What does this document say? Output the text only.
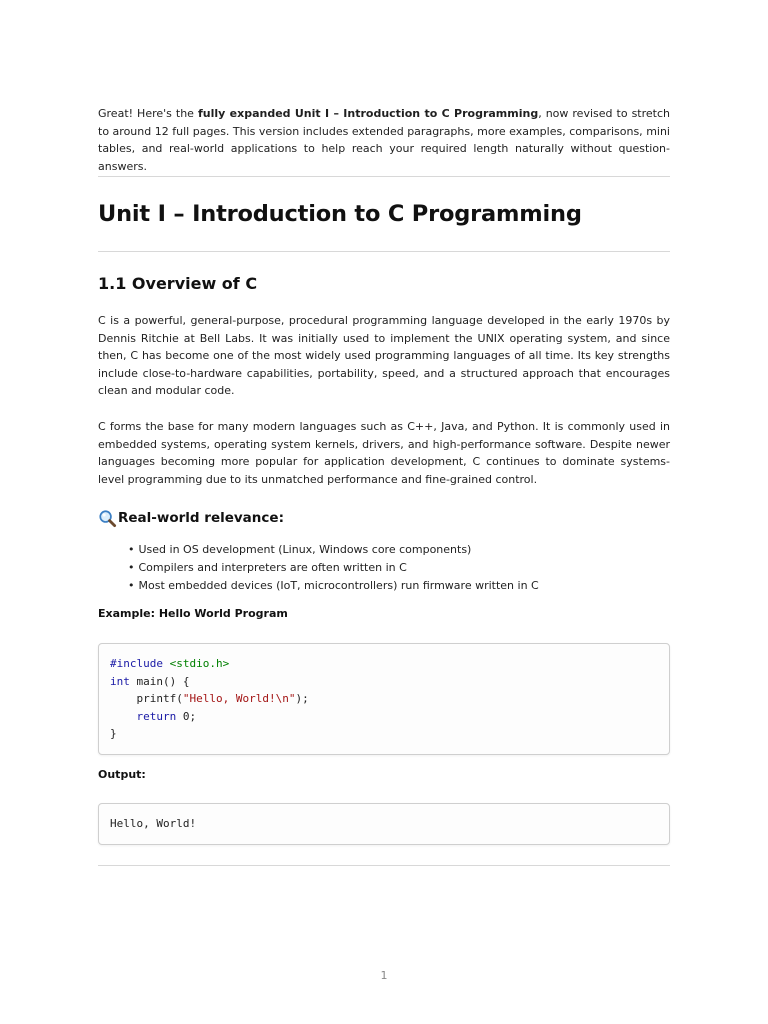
Great! Here's the fully expanded Unit I – Introduction to C Programming, now revised to stretch to around 12 full pages. This version includes extended paragraphs, more examples, comparisons, mini tables, and real-world applications to help reach your required length naturally without question-answers.

Unit I – Introduction to C Programming
1.1 Overview of C

C is a powerful, general-purpose, procedural programming language developed in the early 1970s by Dennis Ritchie at Bell Labs. It was initially used to implement the UNIX operating system, and since then, C has become one of the most widely used programming languages of all time. Its key strengths include close-to-hardware capabilities, portability, speed, and a structured approach that encourages clean and modular code.

C forms the base for many modern languages such as C++, Java, and Python. It is commonly used in embedded systems, operating system kernels, drivers, and high-performance software. Despite newer languages becoming more popular for application development, C continues to dominate systems-level programming due to its unmatched performance and fine-grained control.

Real-world relevance:
• Used in OS development (Linux, Windows core components)
• Compilers and interpreters are often written in C
• Most embedded devices (IoT, microcontrollers) run firmware written in C
Example: Hello World Program
#include <stdio.h>
int main() {
printf("Hello, World!\n");
return 0;
}
Output:
Hello, World!
1
